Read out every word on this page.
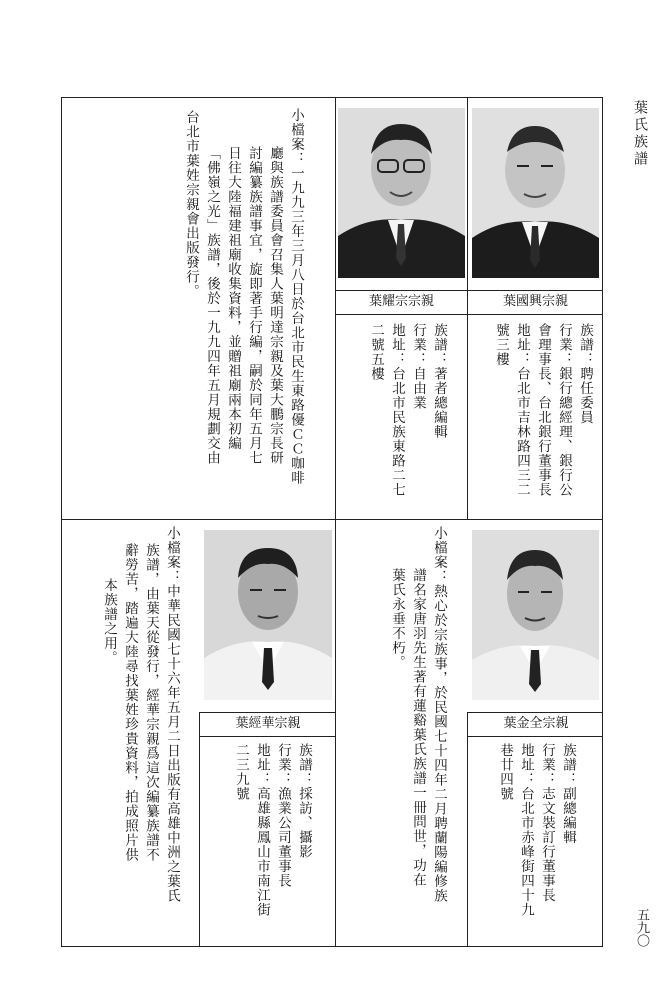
葉氏族譜
五九〇
葉耀宗宗親	葉國興宗親
台北市葉姓宗親會出版發行。 「佛嶺之光」族譜，後於一九九四年五月規劃交由 日往大陸福建祖廟收集資料，並贈祖廟兩本初編 討編纂族譜事宜，旋即著手行編，嗣於同年五月七 廳與族譜委員會召集人葉明達宗親及葉大鵬宗長研 小檔案：一九九三年三月八日於台北市民生東路優ＣＣ咖啡	二號五樓 地址：台北市民族東路二七 行業：自由業 族譜：著者總編輯	號三樓 地址：台北市吉林路四三二 會理事長、台北銀行董事長 行業：銀行總經理、銀行公 族譜：聘任委員
葉經華宗親	葉金全宗親
本族譜之用。 辭勞苦，踏遍大陸尋找葉姓珍貴資料，拍成照片供 族譜，由葉天從發行，經華宗親爲這次編纂族譜不 小檔案：中華民國七十六年五月二日出版有高雄中洲之葉氏	二三九號 地址：高雄縣鳳山市南江街 行業：漁業公司董事長 族譜：採訪、攝影
葉氏永垂不朽。 譜名家唐羽先生著有蓮谿葉氏族譜一冊問世，功在 小檔案：熱心於宗族事，於民國七十四年二月聘蘭陽編修族	巷廿四號 地址：台北市赤峰街四十九 行業：志文裝訂行董事長 族譜：副總編輯
